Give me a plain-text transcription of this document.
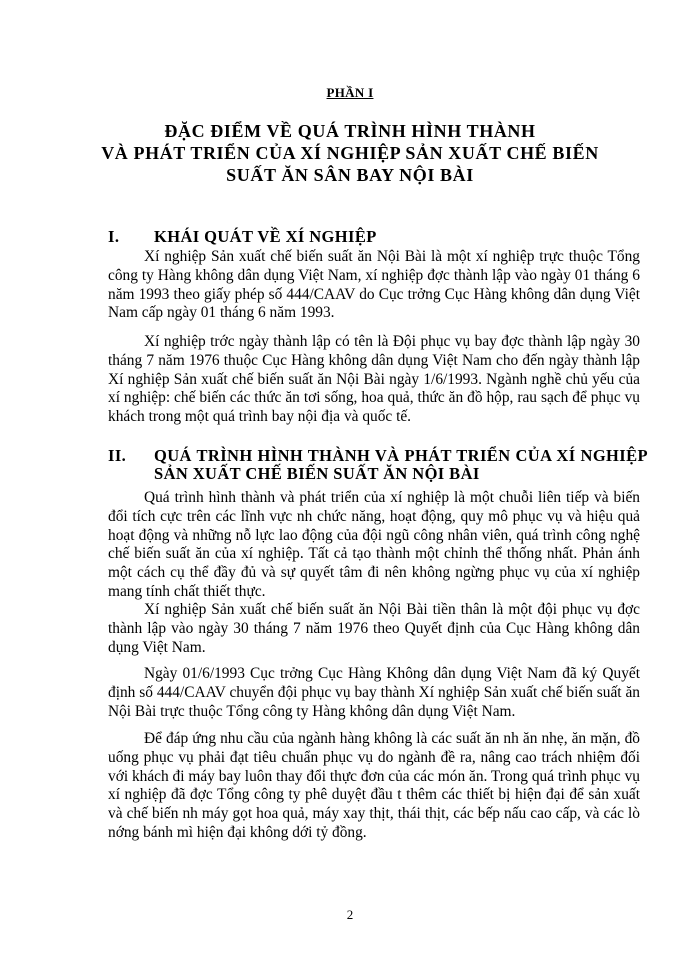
PHẦN I
ĐẶC ĐIỂM VỀ QUÁ TRÌNH HÌNH THÀNH
VÀ PHÁT TRIỂN CỦA XÍ NGHIỆP SẢN XUẤT CHẾ BIẾN
SUẤT ĂN SÂN BAY NỘI BÀI
I. KHÁI QUÁT VỀ XÍ NGHIỆP

Xí nghiệp Sản xuất chế biến suất ăn Nội Bài là một xí nghiệp trực thuộc Tổng công ty Hàng không dân dụng Việt Nam, xí nghiệp đợc thành lập vào ngày 01 tháng 6 năm 1993 theo giấy phép số 444/CAAV do Cục trởng Cục Hàng không dân dụng Việt Nam cấp ngày 01 tháng 6 năm 1993.

Xí nghiệp trớc ngày thành lập có tên là Đội phục vụ bay đợc thành lập ngày 30 tháng 7 năm 1976 thuộc Cục Hàng không dân dụng Việt Nam cho đến ngày thành lập Xí nghiệp Sản xuất chế biến suất ăn Nội Bài ngày 1/6/1993. Ngành nghề chủ yếu của xí nghiệp: chế biến các thức ăn tơi sống, hoa quả, thức ăn đồ hộp, rau sạch để phục vụ khách trong một quá trình bay nội địa và quốc tế.

II. QUÁ TRÌNH HÌNH THÀNH VÀ PHÁT TRIỂN CỦA XÍ NGHIỆP SẢN XUẤT CHẾ BIẾN SUẤT ĂN NỘI BÀI

Quá trình hình thành và phát triển của xí nghiệp là một chuỗi liên tiếp và biến đổi tích cực trên các lĩnh vực nh chức năng, hoạt động, quy mô phục vụ và hiệu quả hoạt động và những nỗ lực lao động của đội ngũ công nhân viên, quá trình công nghệ chế biến suất ăn của xí nghiệp. Tất cả tạo thành một chỉnh thể thống nhất. Phản ánh một cách cụ thể đầy đủ và sự quyết tâm đi nên không ngừng phục vụ của xí nghiệp mang tính chất thiết thực.

Xí nghiệp Sản xuất chế biến suất ăn Nội Bài tiền thân là một đội phục vụ đợc thành lập vào ngày 30 tháng 7 năm 1976 theo Quyết định của Cục Hàng không dân dụng Việt Nam.

Ngày 01/6/1993 Cục trởng Cục Hàng Không dân dụng Việt Nam đã ký Quyết định số 444/CAAV chuyển đội phục vụ bay thành Xí nghiệp Sản xuất chế biến suất ăn Nội Bài trực thuộc Tổng công ty Hàng không dân dụng Việt Nam.

Để đáp ứng nhu cầu của ngành hàng không là các suất ăn nh ăn nhẹ, ăn mặn, đồ uống phục vụ phải đạt tiêu chuẩn phục vụ do ngành đề ra, nâng cao trách nhiệm đối với khách đi máy bay luôn thay đổi thực đơn của các món ăn. Trong quá trình phục vụ xí nghiệp đã đợc Tổng công ty phê duyệt đầu t thêm các thiết bị hiện đại để sản xuất và chế biến nh máy gọt hoa quả, máy xay thịt, thái thịt, các bếp nấu cao cấp, và các lò nớng bánh mì hiện đại không dới tỷ đồng.

2
